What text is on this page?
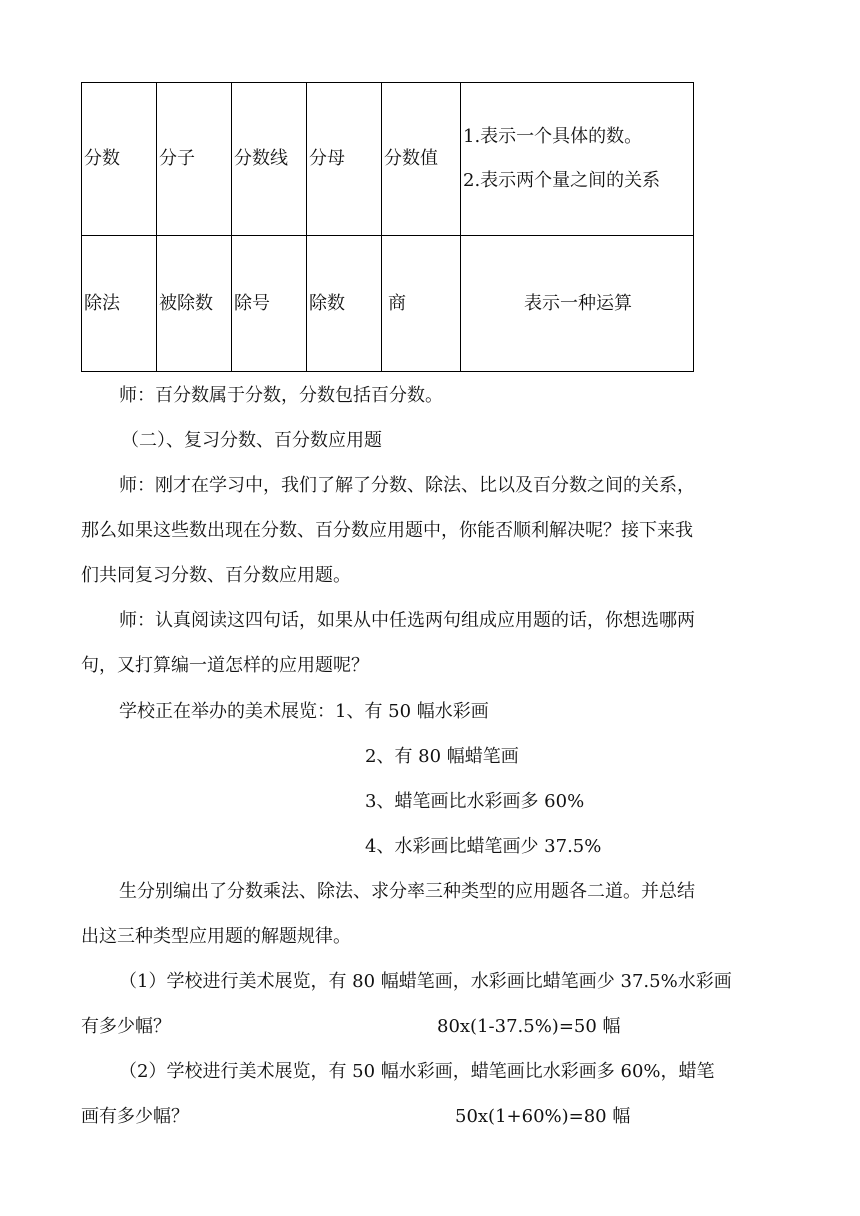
分数	分子	分数线	分母	分数值	1.表示一个具体的数。
2.表示两个量之间的关系

除法	被除数	除号	除数	商	表示一种运算
师：百分数属于分数，分数包括百分数。
（二）、复习分数、百分数应用题
师：刚才在学习中，我们了解了分数、除法、比以及百分数之间的关系，
那么如果这些数出现在分数、百分数应用题中，你能否顺利解决呢？接下来我
们共同复习分数、百分数应用题。
师：认真阅读这四句话，如果从中任选两句组成应用题的话，你想选哪两
句，又打算编一道怎样的应用题呢？
学校正在举办的美术展览：1、有 50 幅水彩画
2、有 80 幅蜡笔画
3、蜡笔画比水彩画多 60%
4、水彩画比蜡笔画少 37.5%
生分别编出了分数乘法、除法、求分率三种类型的应用题各二道。并总结
出这三种类型应用题的解题规律。
（1）学校进行美术展览，有 80 幅蜡笔画，水彩画比蜡笔画少 37.5%水彩画
有多少幅？	80x(1-37.5%)=50 幅
（2）学校进行美术展览，有 50 幅水彩画，蜡笔画比水彩画多 60%，蜡笔
画有多少幅？	50x(1+60%)=80 幅
